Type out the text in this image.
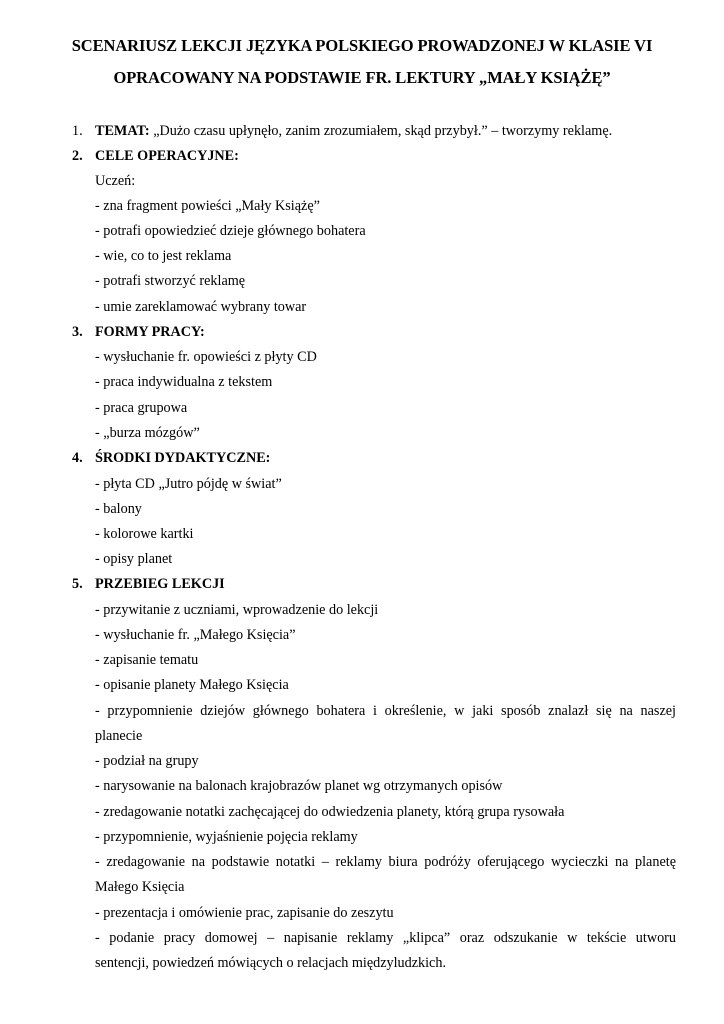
SCENARIUSZ LEKCJI JĘZYKA POLSKIEGO PROWADZONEJ W KLASIE VI
OPRACOWANY NA PODSTAWIE FR. LEKTURY „MAŁY KSIĄŻĘ”
1. TEMAT: „Dużo czasu upłynęło, zanim zrozumiałem, skąd przybył.” – tworzymy reklamę.
2. CELE OPERACYJNE:
Uczeń:
- zna fragment powieści „Mały Książę”
- potrafi opowiedzieć dzieje głównego bohatera
- wie, co to jest reklama
- potrafi stworzyć reklamę
- umie zareklamować wybrany towar
3. FORMY PRACY:
- wysłuchanie fr. opowieści z płyty CD
- praca indywidualna z tekstem
- praca grupowa
- „burza mózgów”
4. ŚRODKI DYDAKTYCZNE:
- płyta CD „Jutro pójdę w świat”
- balony
- kolorowe kartki
- opisy planet
5. PRZEBIEG LEKCJI
- przywitanie z uczniami, wprowadzenie do lekcji
- wysłuchanie fr. „Małego Księcia”
- zapisanie tematu
- opisanie planety Małego Księcia
- przypomnienie dziejów głównego bohatera i określenie, w jaki sposób znalazł się na naszej
planecie
- podział na grupy
- narysowanie na balonach krajobrazów planet wg otrzymanych opisów
- zredagowanie notatki zachęcającej do odwiedzenia planety, którą grupa rysowała
- przypomnienie, wyjaśnienie pojęcia reklamy
- zredagowanie na podstawie notatki – reklamy biura podróży oferującego wycieczki na planetę
Małego Księcia
- prezentacja i omówienie prac, zapisanie do zeszytu
- podanie pracy domowej – napisanie reklamy „klipca” oraz odszukanie w tekście utworu
sentencji, powiedzeń mówiących o relacjach międzyludzkich.
